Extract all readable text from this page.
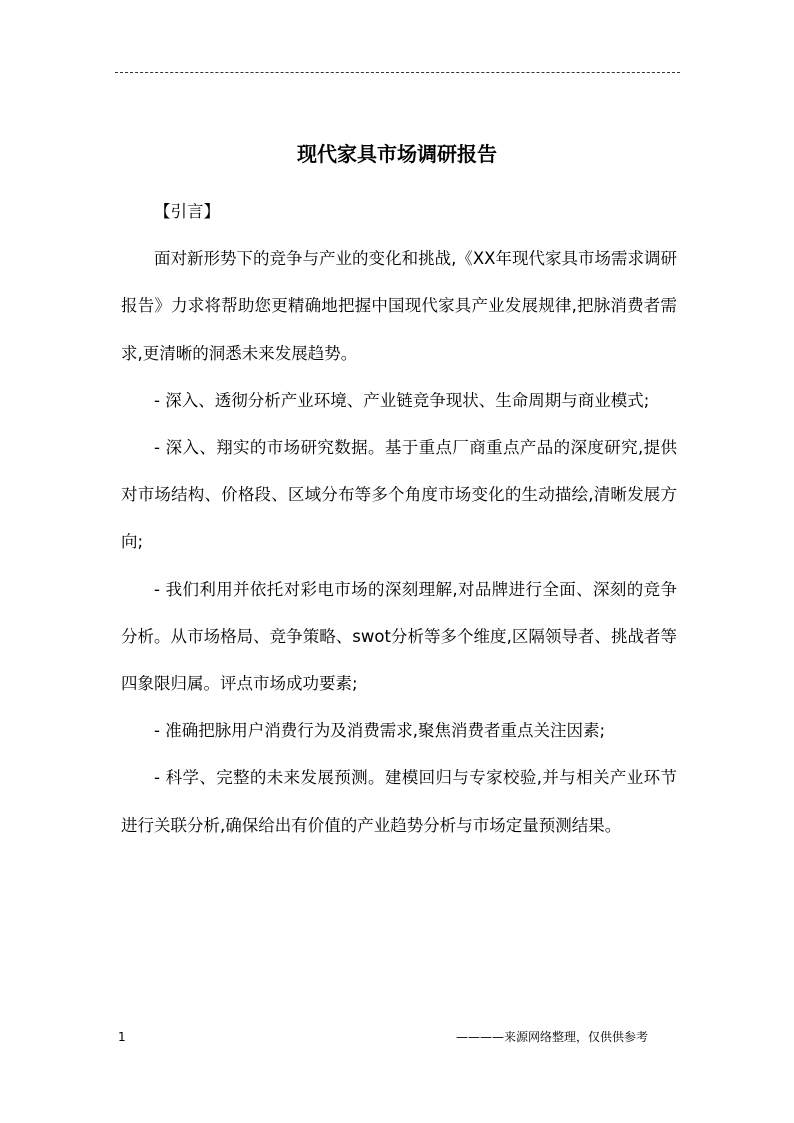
现代家具市场调研报告

【引言】

面对新形势下的竞争与产业的变化和挑战,《XX年现代家具市场需求调研报告》力求将帮助您更精确地把握中国现代家具产业发展规律,把脉消费者需求,更清晰的洞悉未来发展趋势。

- 深入、透彻分析产业环境、产业链竞争现状、生命周期与商业模式;

- 深入、翔实的市场研究数据。基于重点厂商重点产品的深度研究,提供对市场结构、价格段、区域分布等多个角度市场变化的生动描绘,清晰发展方向;

- 我们利用并依托对彩电市场的深刻理解,对品牌进行全面、深刻的竞争分析。从市场格局、竞争策略、swot分析等多个维度,区隔领导者、挑战者等四象限归属。评点市场成功要素;

- 准确把脉用户消费行为及消费需求,聚焦消费者重点关注因素;

- 科学、完整的未来发展预测。建模回归与专家校验,并与相关产业环节进行关联分析,确保给出有价值的产业趋势分析与市场定量预测结果。

1	————来源网络整理，仅供供参考
